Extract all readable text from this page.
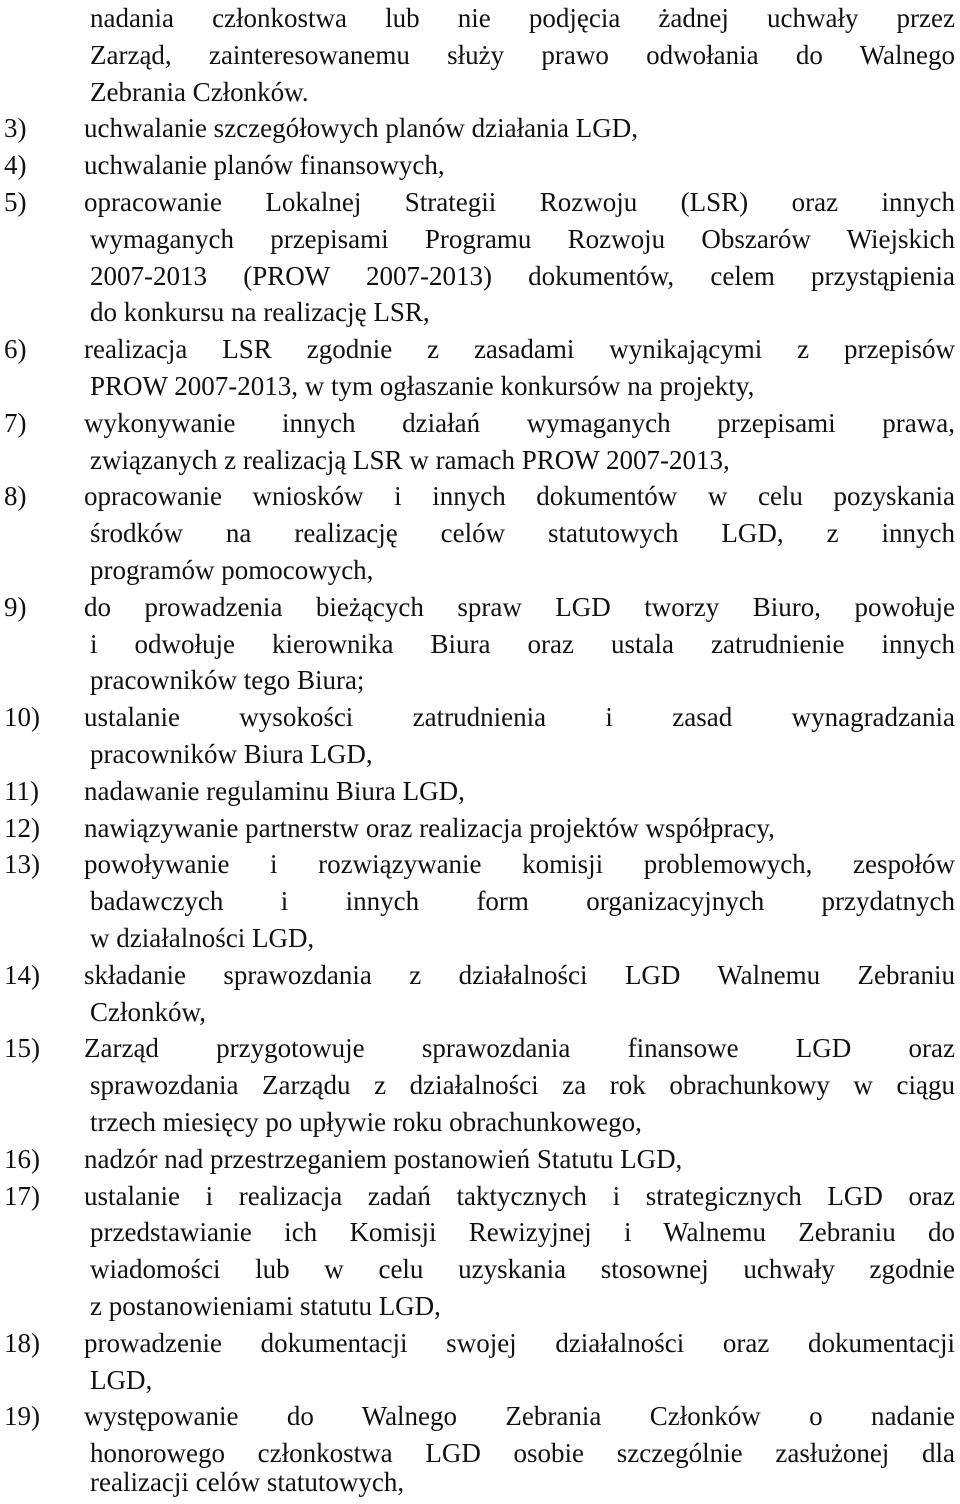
nadania członkostwa lub nie podjęcia żadnej uchwały przez
Zarząd, zainteresowanemu służy prawo odwołania do Walnego
Zebrania Członków.
3) uchwalanie szczegółowych planów działania LGD,
4) uchwalanie planów finansowych,
5) opracowanie Lokalnej Strategii Rozwoju (LSR) oraz innych
wymaganych przepisami Programu Rozwoju Obszarów Wiejskich
2007-2013 (PROW 2007-2013) dokumentów, celem przystąpienia
do konkursu na realizację LSR,
6) realizacja LSR zgodnie z zasadami wynikającymi z przepisów
PROW 2007-2013, w tym ogłaszanie konkursów na projekty,
7) wykonywanie innych działań wymaganych przepisami prawa,
związanych z realizacją LSR w ramach PROW 2007-2013,
8) opracowanie wniosków i innych dokumentów w celu pozyskania
środków na realizację celów statutowych LGD, z innych
programów pomocowych,
9) do prowadzenia bieżących spraw LGD tworzy Biuro, powołuje
i odwołuje kierownika Biura oraz ustala zatrudnienie innych
pracowników tego Biura;
10) ustalanie wysokości zatrudnienia i zasad wynagradzania
pracowników Biura LGD,
11) nadawanie regulaminu Biura LGD,
12) nawiązywanie partnerstw oraz realizacja projektów współpracy,
13) powoływanie i rozwiązywanie komisji problemowych, zespołów
badawczych i innych form organizacyjnych przydatnych
w działalności LGD,
14) składanie sprawozdania z działalności LGD Walnemu Zebraniu
Członków,
15) Zarząd przygotowuje sprawozdania finansowe LGD oraz
sprawozdania Zarządu z działalności za rok obrachunkowy w ciągu
trzech miesięcy po upływie roku obrachunkowego,
16) nadzór nad przestrzeganiem postanowień Statutu LGD,
17) ustalanie i realizacja zadań taktycznych i strategicznych LGD oraz
przedstawianie ich Komisji Rewizyjnej i Walnemu Zebraniu do
wiadomości lub w celu uzyskania stosownej uchwały zgodnie
z postanowieniami statutu LGD,
18) prowadzenie dokumentacji swojej działalności oraz dokumentacji
LGD,
19) występowanie do Walnego Zebrania Członków o nadanie
honorowego członkostwa LGD osobie szczególnie zasłużonej dla
realizacji celów statutowych,
